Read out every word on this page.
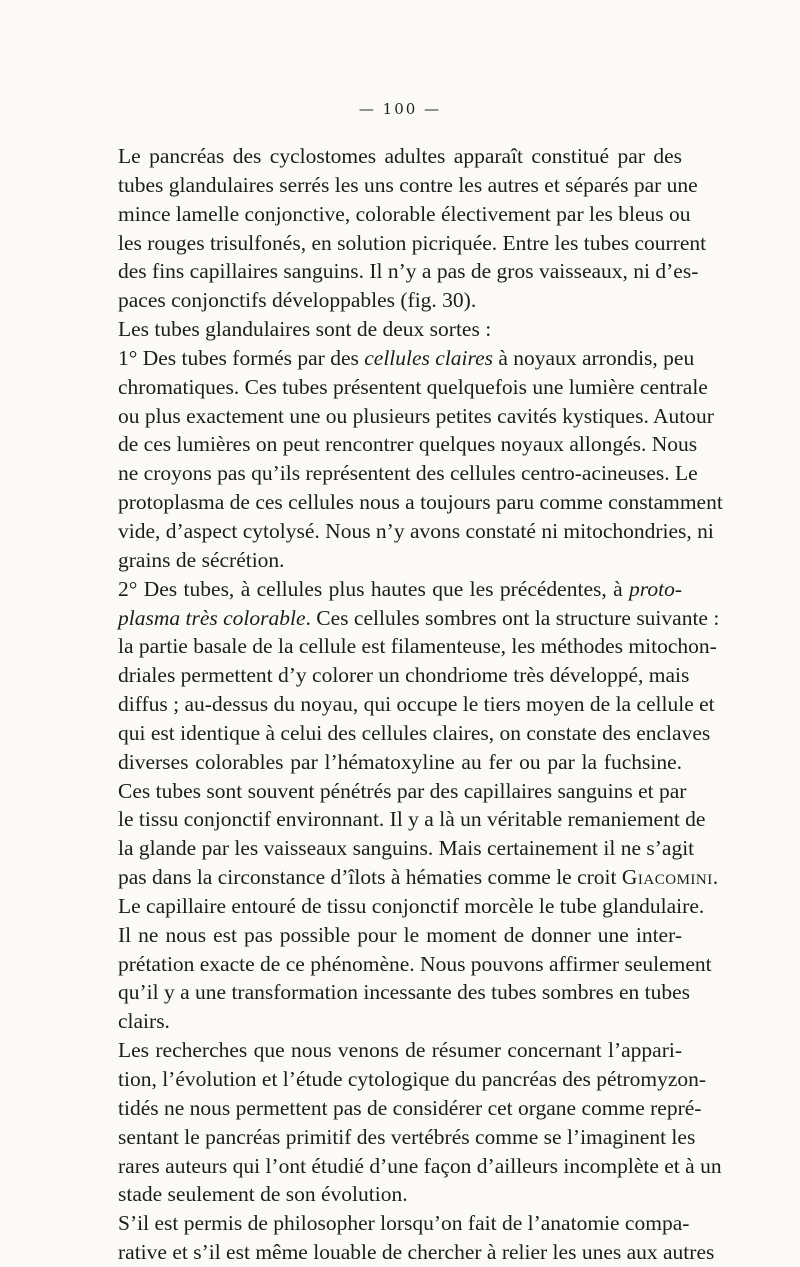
— 100 —
Le pancréas des cyclostomes adultes apparaît constitué par des
tubes glandulaires serrés les uns contre les autres et séparés par une
mince lamelle conjonctive, colorable électivement par les bleus ou
les rouges trisulfonés, en solution picriquée. Entre les tubes courrent
des fins capillaires sanguins. Il n’y a pas de gros vaisseaux, ni d’es-
paces conjonctifs développables (fig. 30).
Les tubes glandulaires sont de deux sortes :
1° Des tubes formés par des cellules claires à noyaux arrondis, peu
chromatiques. Ces tubes présentent quelquefois une lumière centrale
ou plus exactement une ou plusieurs petites cavités kystiques. Autour
de ces lumières on peut rencontrer quelques noyaux allongés. Nous
ne croyons pas qu’ils représentent des cellules centro-acineuses. Le
protoplasma de ces cellules nous a toujours paru comme constamment
vide, d’aspect cytolysé. Nous n’y avons constaté ni mitochondries, ni
grains de sécrétion.
2° Des tubes, à cellules plus hautes que les précédentes, à proto-
plasma très colorable. Ces cellules sombres ont la structure suivante :
la partie basale de la cellule est filamenteuse, les méthodes mitochon-
driales permettent d’y colorer un chondriome très développé, mais
diffus ; au-dessus du noyau, qui occupe le tiers moyen de la cellule et
qui est identique à celui des cellules claires, on constate des enclaves
diverses colorables par l’hématoxyline au fer ou par la fuchsine.
Ces tubes sont souvent pénétrés par des capillaires sanguins et par
le tissu conjonctif environnant. Il y a là un véritable remaniement de
la glande par les vaisseaux sanguins. Mais certainement il ne s’agit
pas dans la circonstance d’îlots à hématies comme le croit Giacomini.
Le capillaire entouré de tissu conjonctif morcèle le tube glandulaire.
Il ne nous est pas possible pour le moment de donner une inter-
prétation exacte de ce phénomène. Nous pouvons affirmer seulement
qu’il y a une transformation incessante des tubes sombres en tubes
clairs.
Les recherches que nous venons de résumer concernant l’appari-
tion, l’évolution et l’étude cytologique du pancréas des pétromyzon-
tidés ne nous permettent pas de considérer cet organe comme repré-
sentant le pancréas primitif des vertébrés comme se l’imaginent les
rares auteurs qui l’ont étudié d’une façon d’ailleurs incomplète et à un
stade seulement de son évolution.
S’il est permis de philosopher lorsqu’on fait de l’anatomie compa-
rative et s’il est même louable de chercher à relier les unes aux autres
